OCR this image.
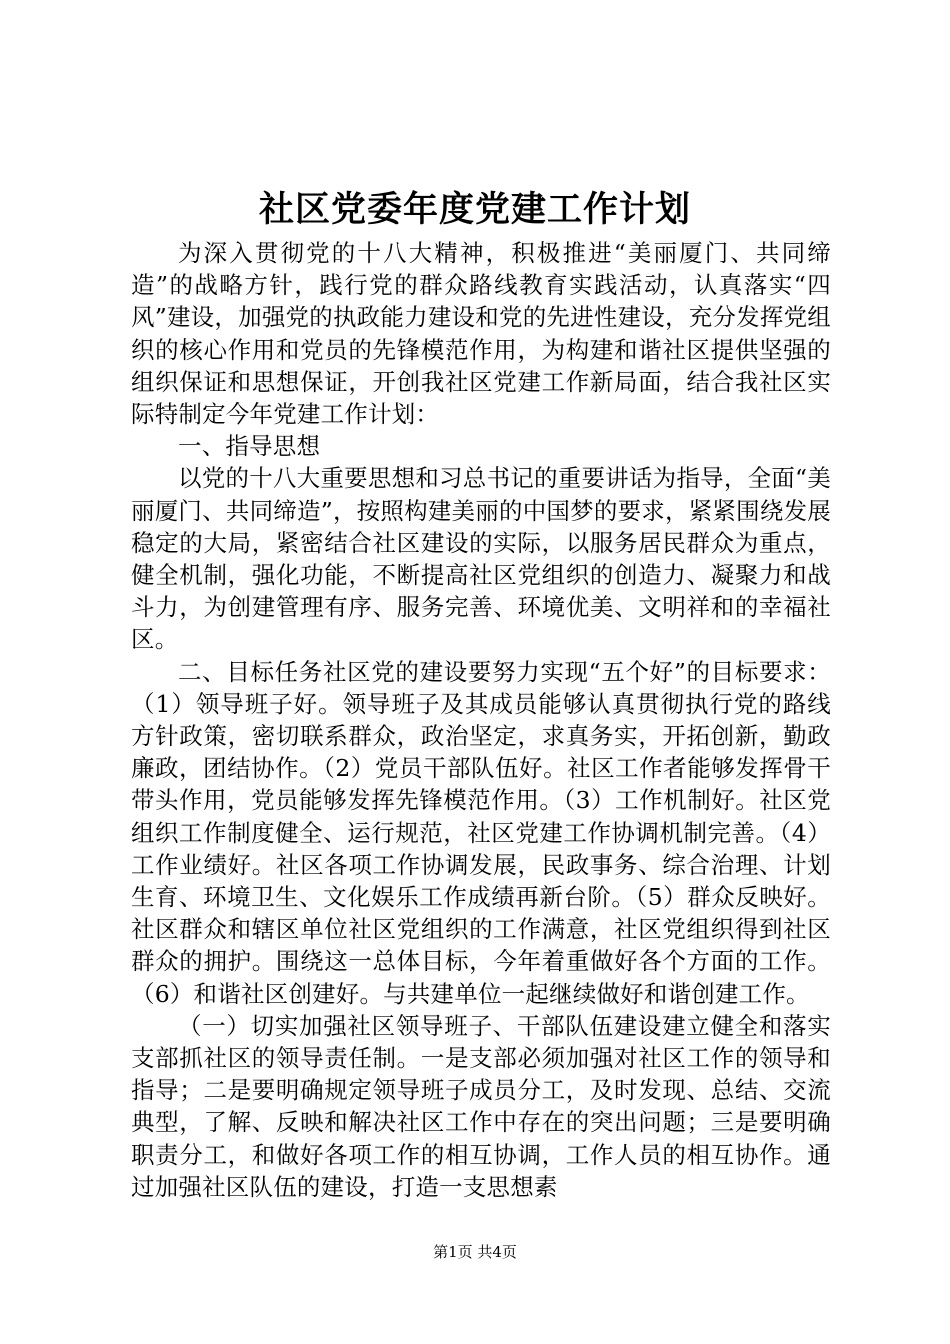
社区党委年度党建工作计划

为深入贯彻党的十八大精神，积极推进“美丽厦门、共同缔造”的战略方针，践行党的群众路线教育实践活动，认真落实“四风”建设，加强党的执政能力建设和党的先进性建设，充分发挥党组织的核心作用和党员的先锋模范作用，为构建和谐社区提供坚强的组织保证和思想保证，开创我社区党建工作新局面，结合我社区实际特制定今年党建工作计划：

一、指导思想

以党的十八大重要思想和习总书记的重要讲话为指导，全面“美丽厦门、共同缔造”，按照构建美丽的中国梦的要求，紧紧围绕发展稳定的大局，紧密结合社区建设的实际，以服务居民群众为重点，健全机制，强化功能，不断提高社区党组织的创造力、凝聚力和战斗力，为创建管理有序、服务完善、环境优美、文明祥和的幸福社区。

二、目标任务社区党的建设要努力实现“五个好”的目标要求：（1）领导班子好。领导班子及其成员能够认真贯彻执行党的路线方针政策，密切联系群众，政治坚定，求真务实，开拓创新，勤政廉政，团结协作。（2）党员干部队伍好。社区工作者能够发挥骨干带头作用，党员能够发挥先锋模范作用。（3）工作机制好。社区党组织工作制度健全、运行规范，社区党建工作协调机制完善。（4）工作业绩好。社区各项工作协调发展，民政事务、综合治理、计划生育、环境卫生、文化娱乐工作成绩再新台阶。（5）群众反映好。社区群众和辖区单位社区党组织的工作满意，社区党组织得到社区群众的拥护。围绕这一总体目标，今年着重做好各个方面的工作。（6）和谐社区创建好。与共建单位一起继续做好和谐创建工作。

（一）切实加强社区领导班子、干部队伍建设建立健全和落实支部抓社区的领导责任制。一是支部必须加强对社区工作的领导和指导；二是要明确规定领导班子成员分工，及时发现、总结、交流典型，了解、反映和解决社区工作中存在的突出问题；三是要明确职责分工，和做好各项工作的相互协调，工作人员的相互协作。通过加强社区队伍的建设，打造一支思想素

第1页 共4页
